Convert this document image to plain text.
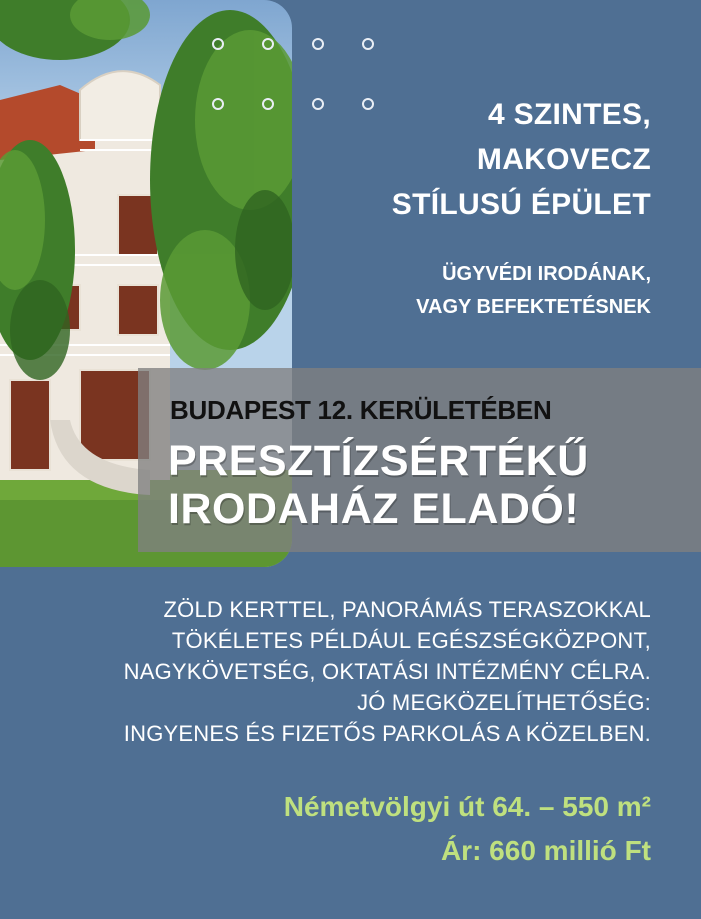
4 SZINTES,
MAKOVECZ
STÍLUSÚ ÉPÜLET
ÜGYVÉDI IRODÁNAK,
VAGY BEFEKTETÉSNEK
BUDAPEST 12. KERÜLETÉBEN
PRESZTÍZSÉRTÉKŰ
IRODAHÁZ ELADÓ!
ZÖLD KERTTEL, PANORÁMÁS TERASZOKKAL
TÖKÉLETES PÉLDÁUL EGÉSZSÉGKÖZPONT,
NAGYKÖVETSÉG, OKTATÁSI INTÉZMÉNY CÉLRA.
JÓ MEGKÖZELÍTHETŐSÉG:
INGYENES ÉS FIZETŐS PARKOLÁS A KÖZELBEN.
Németvölgyi út 64. – 550 m²
Ár: 660 millió Ft
